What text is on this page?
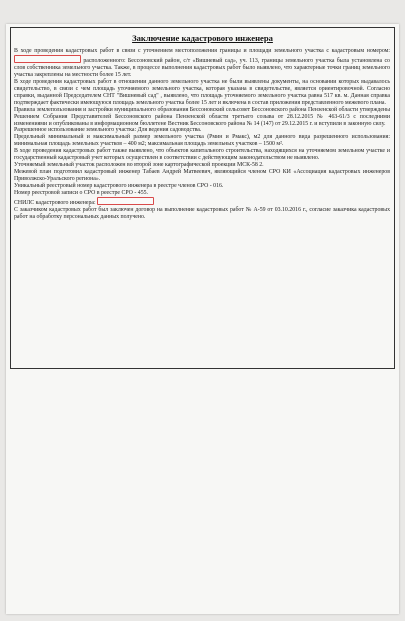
Заключение кадастрового инженера

В ходе проведения кадастровых работ в связи с уточнением местоположения границы и площади земельного участка с кадастровым номером:  расположенного: Бессоновский район, с/т «Вишневый сад», уч. 113, границы земельного участка была установлена со слов собственника земельного участка. Также, в процессе выполнения кадастровых работ было выявлено, что характерные точки границ земельного участка закреплены на местности более 15 лет.

В ходе проведения кадастровых работ в отношении данного земельного участка не были выявлены документы, на основании которых выдавалось свидетельство, в связи с чем площадь уточняемого земельного участка, которая указана в свидетельстве, является ориентировочной. Согласно справки, выданной Председателем СНТ "Вишневый сад" , выявлено, что площадь уточняемого земельного участка равна 517 кв. м. Данная справка подтверждает фактически имеющуюся площадь земельного участка более 15 лет и включена в состав приложения представленного межевого плана.

Правила землепользования и застройки муниципального образования Бессоновский сельсовет Бессоновского района Пензенской области утверждены Решением Собрания Представителей Бессоновского района Пензенской области третьего созыва от 28.12.2015 № 463-61/3 с последними изменениями и опубликованы в информационном бюллетене Вестник Бессоновского района № 14 (147) от 29.12.2015 г. и вступили в законную силу.

Разрешенное использование земельного участка: Для ведения садоводства.

Предельный минимальный и максимальный размер земельного участка (Рмин и Рмакс), м2 для данного вида разрешенного использования: минимальная площадь земельных участков – 400 м2; максимальная площадь земельных участков – 1500 м².

В ходе проведения кадастровых работ также выявлено, что объектов капитального строительства, находящихся на уточняемом земельном участке и государственный кадастровый учет которых осуществлен в соответствии с действующим законодательством не выявлено.

Уточняемый земельный участок расположен во второй зоне картографической проекции МСК-58 2.

Межевой план подготовил кадастровый инженер Табаев Андрей Матвеевич, являющийся членом СРО КИ «Ассоциация кадастровых инженеров Приволжско-Уральского региона».

Уникальный реестровый номер кадастрового инженера в реестре членов СРО - 016.

Номер реестровой записи о СРО в реестре СРО - 455.

СНИЛС кадастрового инженера:

С заказчиком кадастровых работ был заключен договор на выполнение кадастровых работ № А-59 от 03.10.2016 г., согласие заказчика кадастровых работ на обработку персональных данных получено.
